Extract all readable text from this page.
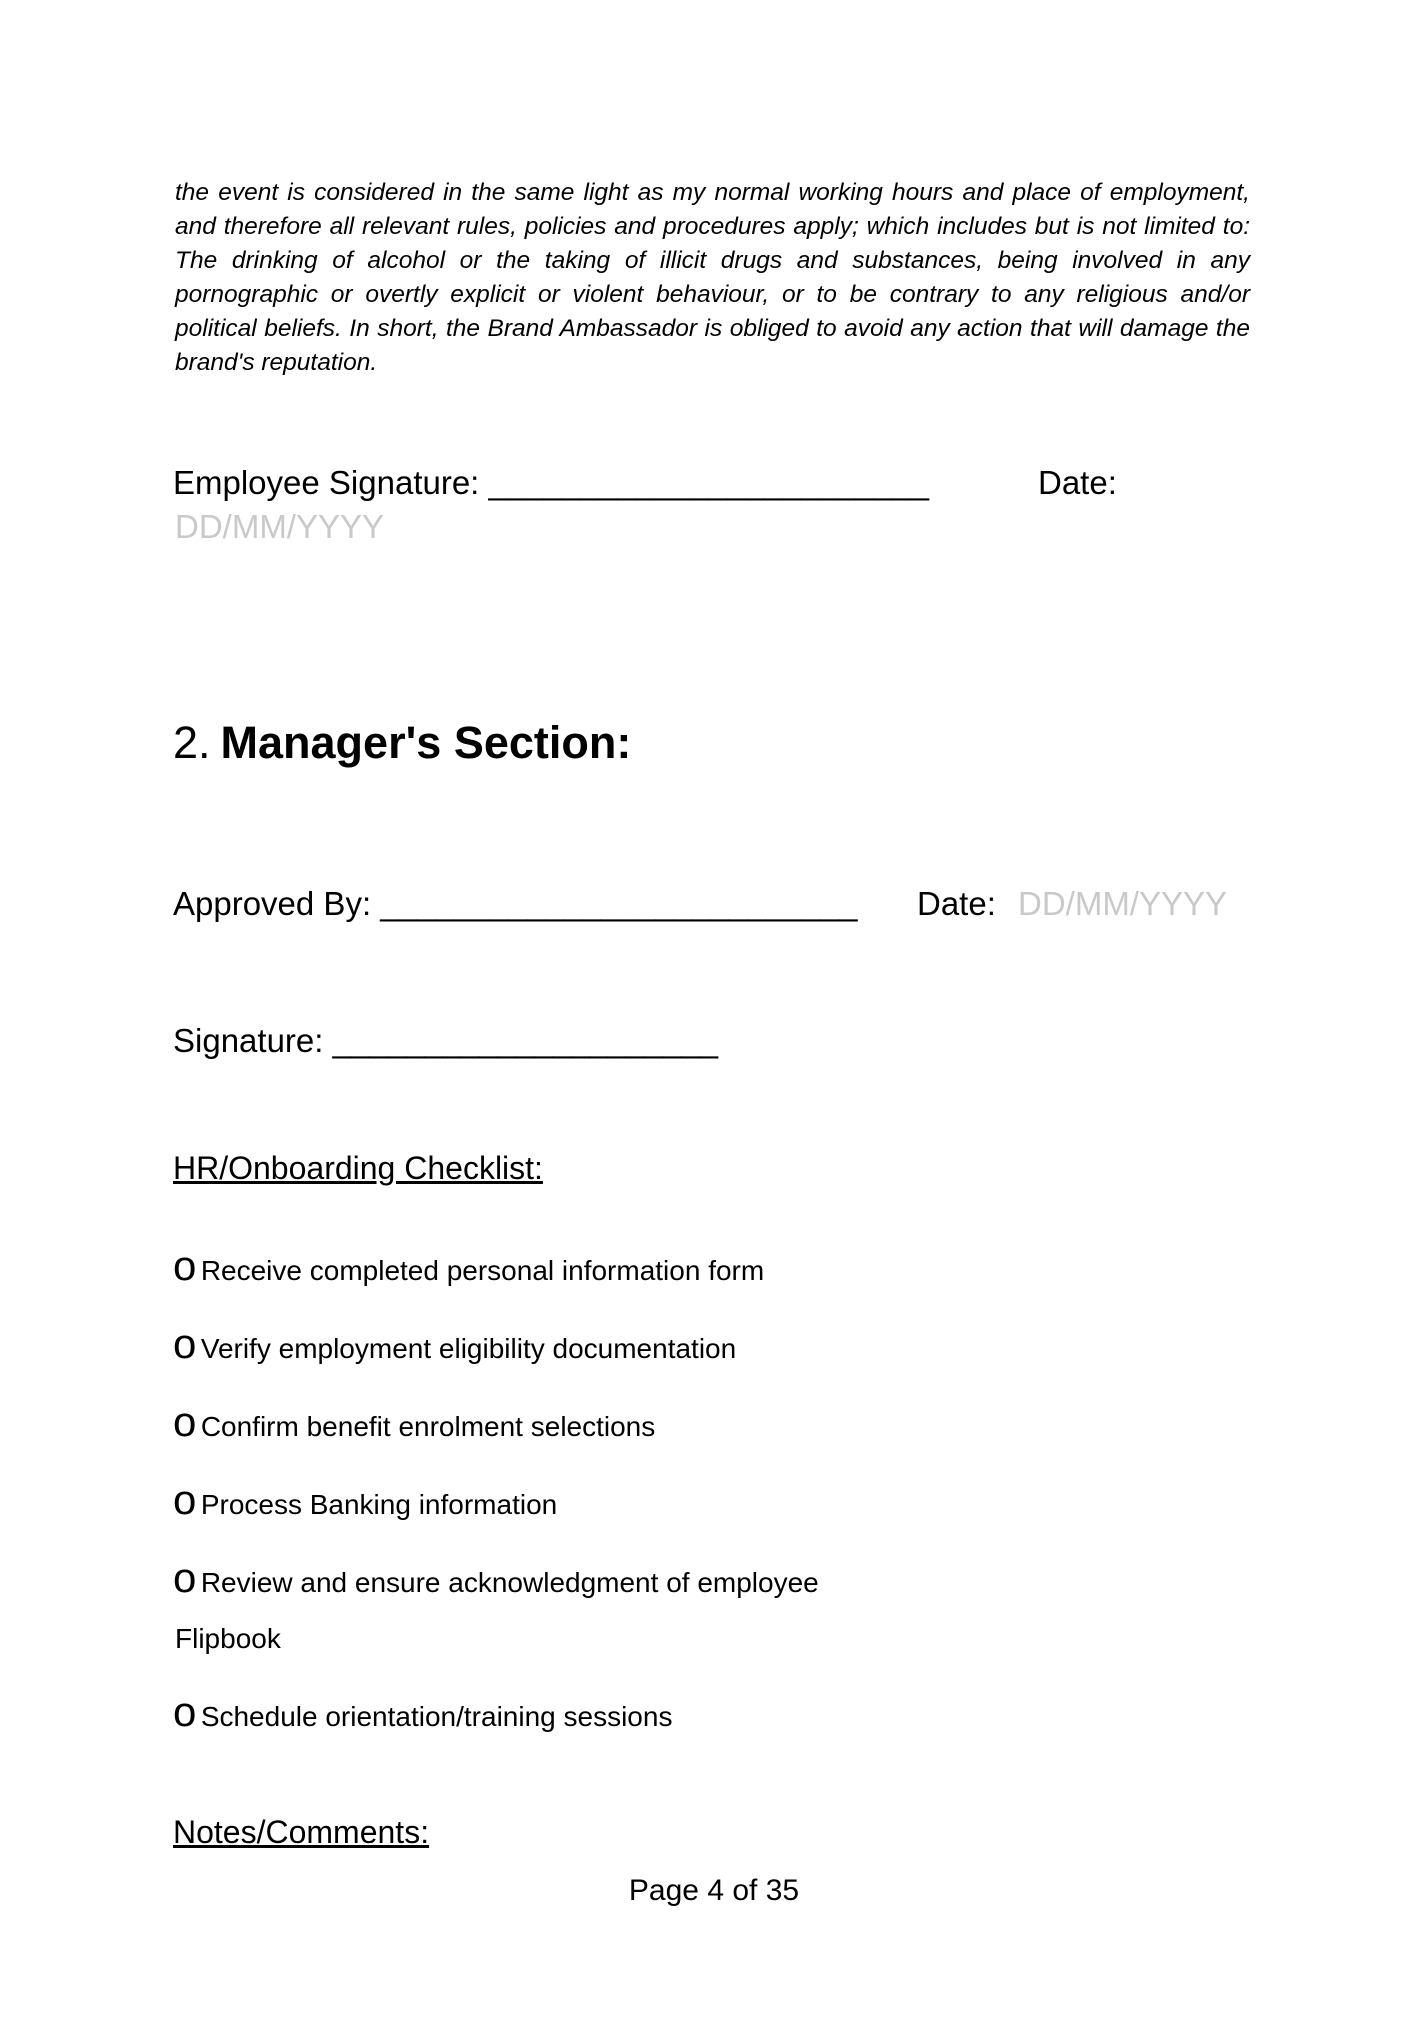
the event is considered in the same light as my normal working hours and place of employment, and therefore all relevant rules, policies and procedures apply; which includes but is not limited to: The drinking of alcohol or the taking of illicit drugs and substances, being involved in any pornographic or overtly explicit or violent behaviour, or to be contrary to any religious and/or political beliefs. In short, the Brand Ambassador is obliged to avoid any action that will damage the brand's reputation.

Employee Signature: ________________________	Date:
DD/MM/YYYY
2. Manager's Section:
Approved By: __________________________ Date: DD/MM/YYYY
Signature: _____________________
HR/Onboarding Checklist:
o Receive completed personal information form
o Verify employment eligibility documentation
o Confirm benefit enrolment selections
o Process Banking information
o Review and ensure acknowledgment of employee
Flipbook
o Schedule orientation/training sessions
Notes/Comments:
Page 4 of 35
